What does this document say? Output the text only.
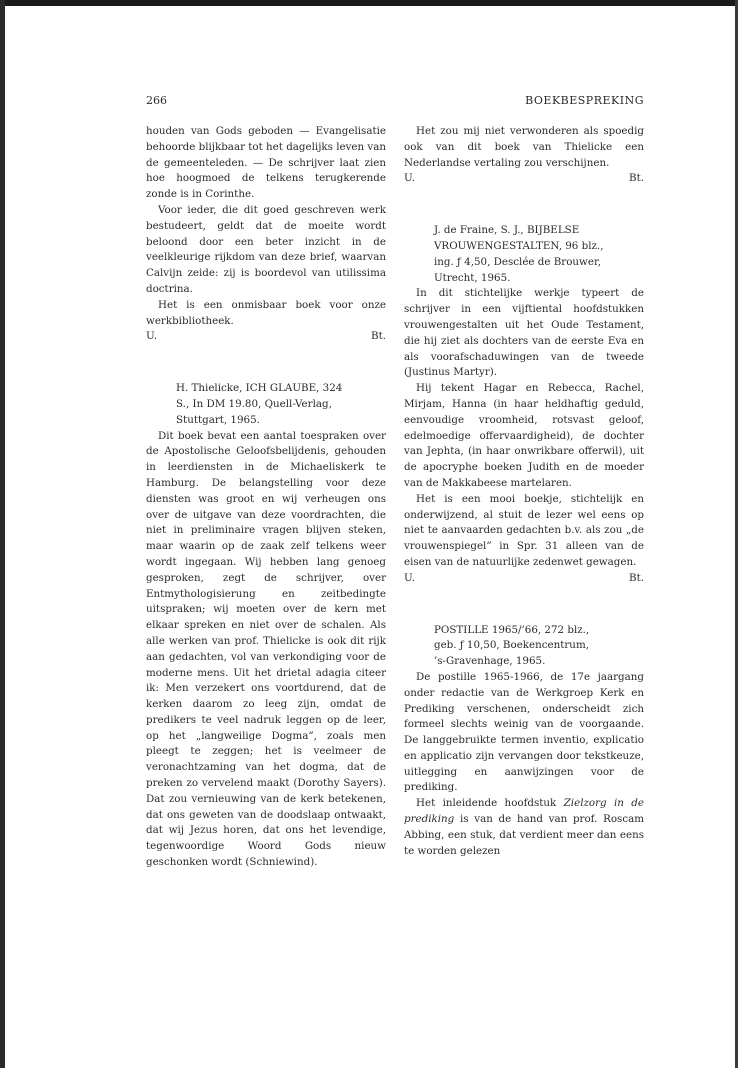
266	BOEKBESPREKING

houden van Gods geboden — Evangelisatie behoorde blijkbaar tot het dagelijks leven van de gemeenteleden. — De schrijver laat zien hoe hoogmoed de telkens terugkerende zonde is in Corinthe.

Voor ieder, die dit goed geschreven werk bestudeert, geldt dat de moeite wordt beloond door een beter inzicht in de veelkleurige rijkdom van deze brief, waarvan Calvijn zeide: zij is boordevol van utilissima doctrina.

Het is een onmisbaar boek voor onze werkbibliotheek.

U.	Bt.
H. Thielicke, ICH GLAUBE, 324
S., In DM 19.80, Quell-Verlag,
Stuttgart, 1965.

Dit boek bevat een aantal toespraken over de Apostolische Geloofsbelijdenis, gehouden in leerdiensten in de Michaeliskerk te Hamburg. De belangstelling voor deze diensten was groot en wij verheugen ons over de uitgave van deze voordrachten, die niet in preliminaire vragen blijven steken, maar waarin op de zaak zelf telkens weer wordt ingegaan. Wij hebben lang genoeg gesproken, zegt de schrijver, over Entmythologisierung en zeitbedingte uitspraken; wij moeten over de kern met elkaar spreken en niet over de schalen. Als alle werken van prof. Thielicke is ook dit rijk aan gedachten, vol van verkondiging voor de moderne mens. Uit het drietal adagia citeer ik: Men verzekert ons voortdurend, dat de kerken daarom zo leeg zijn, omdat de predikers te veel nadruk leggen op de leer, op het „langweilige Dogma”, zoals men pleegt te zeggen; het is veelmeer de veronachtzaming van het dogma, dat de preken zo vervelend maakt (Dorothy Sayers). Dat zou vernieuwing van de kerk betekenen, dat ons geweten van de doodslaap ontwaakt, dat wij Jezus horen, dat ons het levendige, tegenwoordige Woord Gods nieuw geschonken wordt (Schniewind).

Het zou mij niet verwonderen als spoedig ook van dit boek van Thielicke een Nederlandse vertaling zou verschijnen.

U.	Bt.
J. de Fraine, S. J., BIJBELSE
VROUWENGESTALTEN, 96 blz.,
ing. ƒ 4,50, Desclée de Brouwer,
Utrecht, 1965.

In dit stichtelijke werkje typeert de schrijver in een vijftiental hoofdstukken vrouwengestalten uit het Oude Testament, die hij ziet als dochters van de eerste Eva en als voorafschaduwingen van de tweede (Justinus Martyr).

Hij tekent Hagar en Rebecca, Rachel, Mirjam, Hanna (in haar heldhaftig geduld, eenvoudige vroomheid, rotsvast geloof, edelmoedige offervaardigheid), de dochter van Jephta, (in haar onwrikbare offerwil), uit de apocryphe boeken Judith en de moeder van de Makkabeese martelaren.

Het is een mooi boekje, stichtelijk en onderwijzend, al stuit de lezer wel eens op niet te aanvaarden gedachten b.v. als zou „de vrouwenspiegel” in Spr. 31 alleen van de eisen van de natuurlijke zedenwet gewagen.

U.	Bt.
POSTILLE 1965/’66, 272 blz.,
geb. ƒ 10,50, Boekencentrum,
’s-Gravenhage, 1965.

De postille 1965-1966, de 17e jaargang onder redactie van de Werkgroep Kerk en Prediking verschenen, onderscheidt zich formeel slechts weinig van de voorgaande. De langgebruikte termen inventio, explicatio en applicatio zijn vervangen door tekstkeuze, uitlegging en aanwijzingen voor de prediking.

Het inleidende hoofdstuk Zielzorg in de prediking is van de hand van prof. Roscam Abbing, een stuk, dat verdient meer dan eens te worden gelezen
